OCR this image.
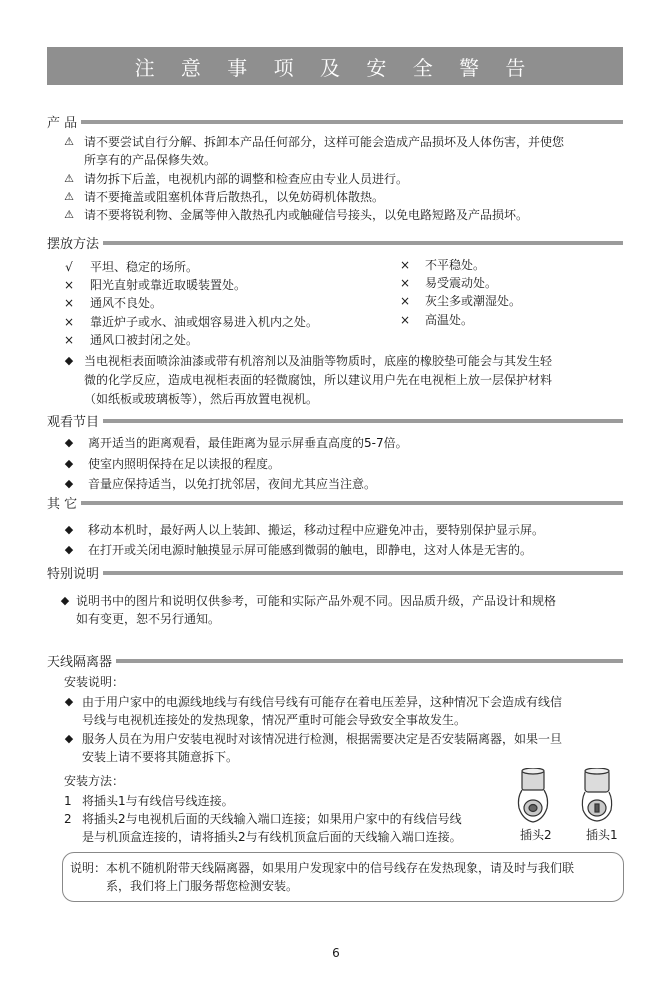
注 意 事 项 及 安 全 警 告
产 品
⚠ 请不要尝试自行分解、拆卸本产品任何部分，这样可能会造成产品损坏及人体伤害，并使您
所享有的产品保修失效。
⚠ 请勿拆下后盖，电视机内部的调整和检查应由专业人员进行。
⚠ 请不要掩盖或阻塞机体背后散热孔，以免妨碍机体散热。
⚠ 请不要将锐利物、金属等伸入散热孔内或触碰信号接头，以免电路短路及产品损坏。
摆放方法
√ 平坦、稳定的场所。
× 阳光直射或靠近取暖装置处。
× 通风不良处。
× 靠近炉子或水、油或烟容易进入机内之处。
× 通风口被封闭之处。
× 不平稳处。
× 易受震动处。
× 灰尘多或潮湿处。
× 高温处。
◆ 当电视柜表面喷涂油漆或带有机溶剂以及油脂等物质时，底座的橡胶垫可能会与其发生轻
微的化学反应，造成电视柜表面的轻微腐蚀，所以建议用户先在电视柜上放一层保护材料
（如纸板或玻璃板等），然后再放置电视机。
观看节目
◆ 离开适当的距离观看，最佳距离为显示屏垂直高度的5-7倍。
◆ 使室内照明保持在足以读报的程度。
◆ 音量应保持适当，以免打扰邻居，夜间尤其应当注意。
其 它
◆ 移动本机时，最好两人以上装卸、搬运，移动过程中应避免冲击，要特别保护显示屏。
◆ 在打开或关闭电源时触摸显示屏可能感到微弱的触电，即静电，这对人体是无害的。
特别说明
◆ 说明书中的图片和说明仅供参考，可能和实际产品外观不同。因品质升级，产品设计和规格
如有变更，恕不另行通知。
天线隔离器
安装说明：
◆ 由于用户家中的电源线地线与有线信号线有可能存在着电压差异，这种情况下会造成有线信
号线与电视机连接处的发热现象，情况严重时可能会导致安全事故发生。
◆ 服务人员在为用户安装电视时对该情况进行检测，根据需要决定是否安装隔离器，如果一旦
安装上请不要将其随意拆下。
安装方法：
1 将插头1与有线信号线连接。
2 将插头2与电视机后面的天线输入端口连接；如果用户家中的有线信号线
是与机顶盒连接的，请将插头2与有线机顶盒后面的天线输入端口连接。	插头2	插头1
说明：本机不随机附带天线隔离器，如果用户发现家中的信号线存在发热现象，请及时与我们联
系，我们将上门服务帮您检测安装。
6
